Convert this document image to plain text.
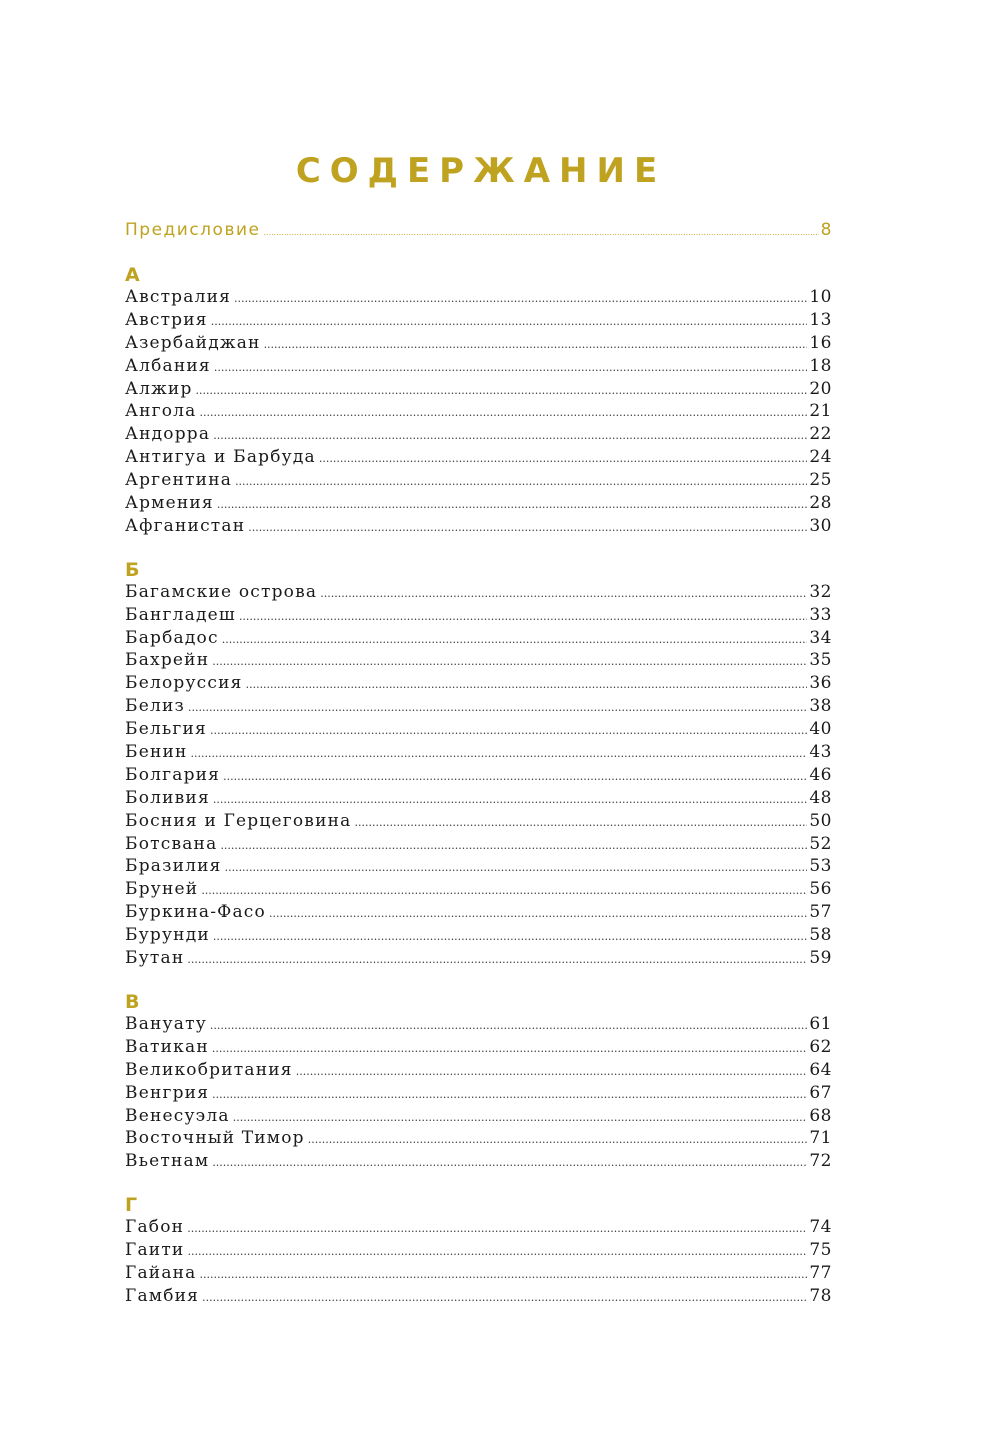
СОДЕРЖАНИЕ
Предисловие .....	8
А
Австралия .....	10
Австрия .....	13
Азербайджан .....	16
Албания .....	18
Алжир .....	20
Ангола .....	21
Андорра .....	22
Антигуа и Барбуда .....	24
Аргентина .....	25
Армения .....	28
Афганистан .....	30
Б
Багамские острова .....	32
Бангладеш .....	33
Барбадос .....	34
Бахрейн .....	35
Белоруссия .....	36
Белиз .....	38
Бельгия .....	40
Бенин .....	43
Болгария .....	46
Боливия .....	48
Босния и Герцеговина .....	50
Ботсвана .....	52
Бразилия .....	53
Бруней .....	56
Буркина-Фасо .....	57
Бурунди .....	58
Бутан .....	59
В
Вануату .....	61
Ватикан .....	62
Великобритания .....	64
Венгрия .....	67
Венесуэла .....	68
Восточный Тимор .....	71
Вьетнам .....	72
Г
Габон .....	74
Гаити .....	75
Гайана .....	77
Гамбия .....	78
